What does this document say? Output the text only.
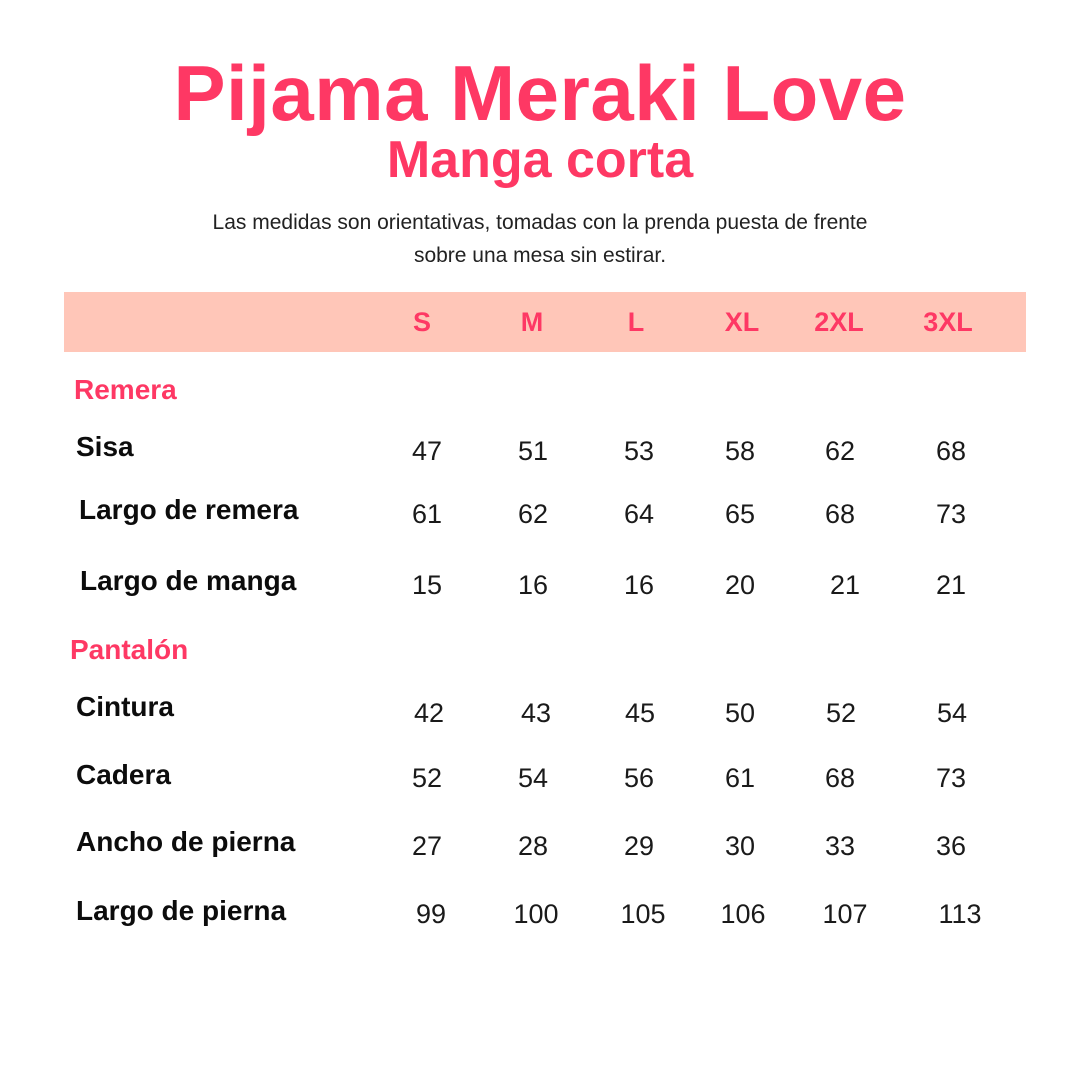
Pijama Meraki Love
Manga corta
Las medidas son orientativas, tomadas con la prenda puesta de frente
sobre una mesa sin estirar.
S	M	L	XL	2XL	3XL
Remera
Sisa	47	51	53	58	62	68
Largo de remera	61	62	64	65	68	73
Largo de manga	15	16	16	20	21	21
Pantalón
Cintura	42	43	45	50	52	54
Cadera	52	54	56	61	68	73
Ancho de pierna	27	28	29	30	33	36
Largo de pierna	99	100	105	106	107	113
